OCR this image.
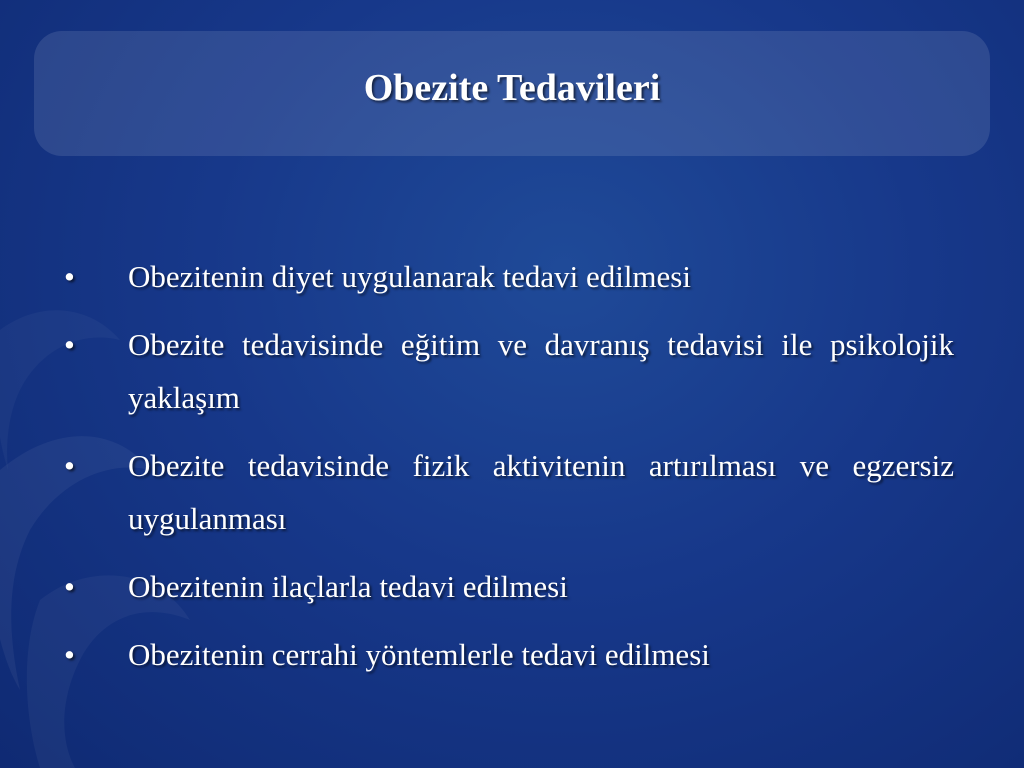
Obezite Tedavileri
• Obezitenin diyet uygulanarak tedavi edilmesi
• Obezite tedavisinde eğitim ve davranış tedavisi ile psikolojik yaklaşım
• Obezite tedavisinde fizik aktivitenin artırılması ve egzersiz uygulanması
• Obezitenin ilaçlarla tedavi edilmesi
• Obezitenin cerrahi yöntemlerle tedavi edilmesi
